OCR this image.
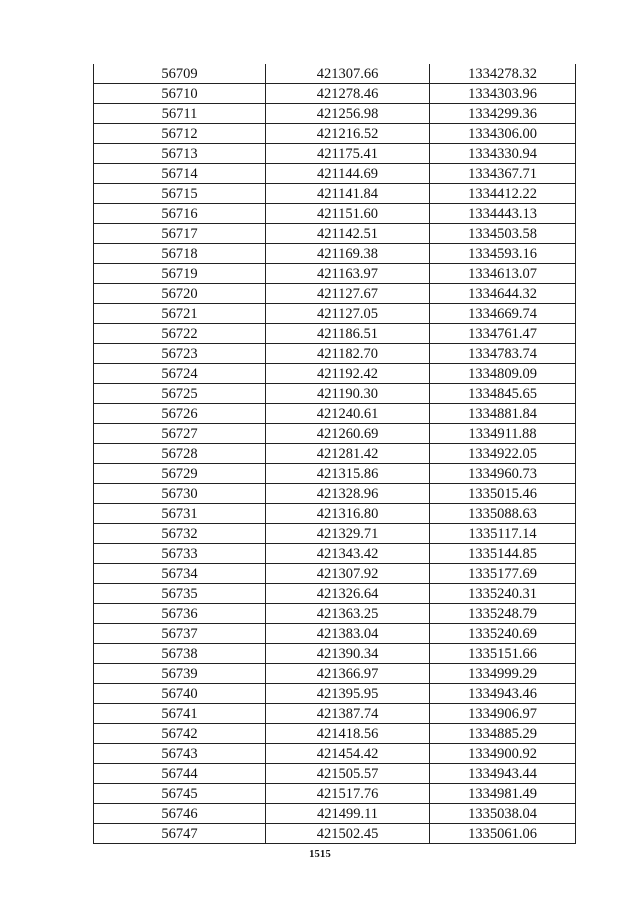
56709	421307.66	1334278.32
56710	421278.46	1334303.96
56711	421256.98	1334299.36
56712	421216.52	1334306.00
56713	421175.41	1334330.94
56714	421144.69	1334367.71
56715	421141.84	1334412.22
56716	421151.60	1334443.13
56717	421142.51	1334503.58
56718	421169.38	1334593.16
56719	421163.97	1334613.07
56720	421127.67	1334644.32
56721	421127.05	1334669.74
56722	421186.51	1334761.47
56723	421182.70	1334783.74
56724	421192.42	1334809.09
56725	421190.30	1334845.65
56726	421240.61	1334881.84
56727	421260.69	1334911.88
56728	421281.42	1334922.05
56729	421315.86	1334960.73
56730	421328.96	1335015.46
56731	421316.80	1335088.63
56732	421329.71	1335117.14
56733	421343.42	1335144.85
56734	421307.92	1335177.69
56735	421326.64	1335240.31
56736	421363.25	1335248.79
56737	421383.04	1335240.69
56738	421390.34	1335151.66
56739	421366.97	1334999.29
56740	421395.95	1334943.46
56741	421387.74	1334906.97
56742	421418.56	1334885.29
56743	421454.42	1334900.92
56744	421505.57	1334943.44
56745	421517.76	1334981.49
56746	421499.11	1335038.04
56747	421502.45	1335061.06
1515
